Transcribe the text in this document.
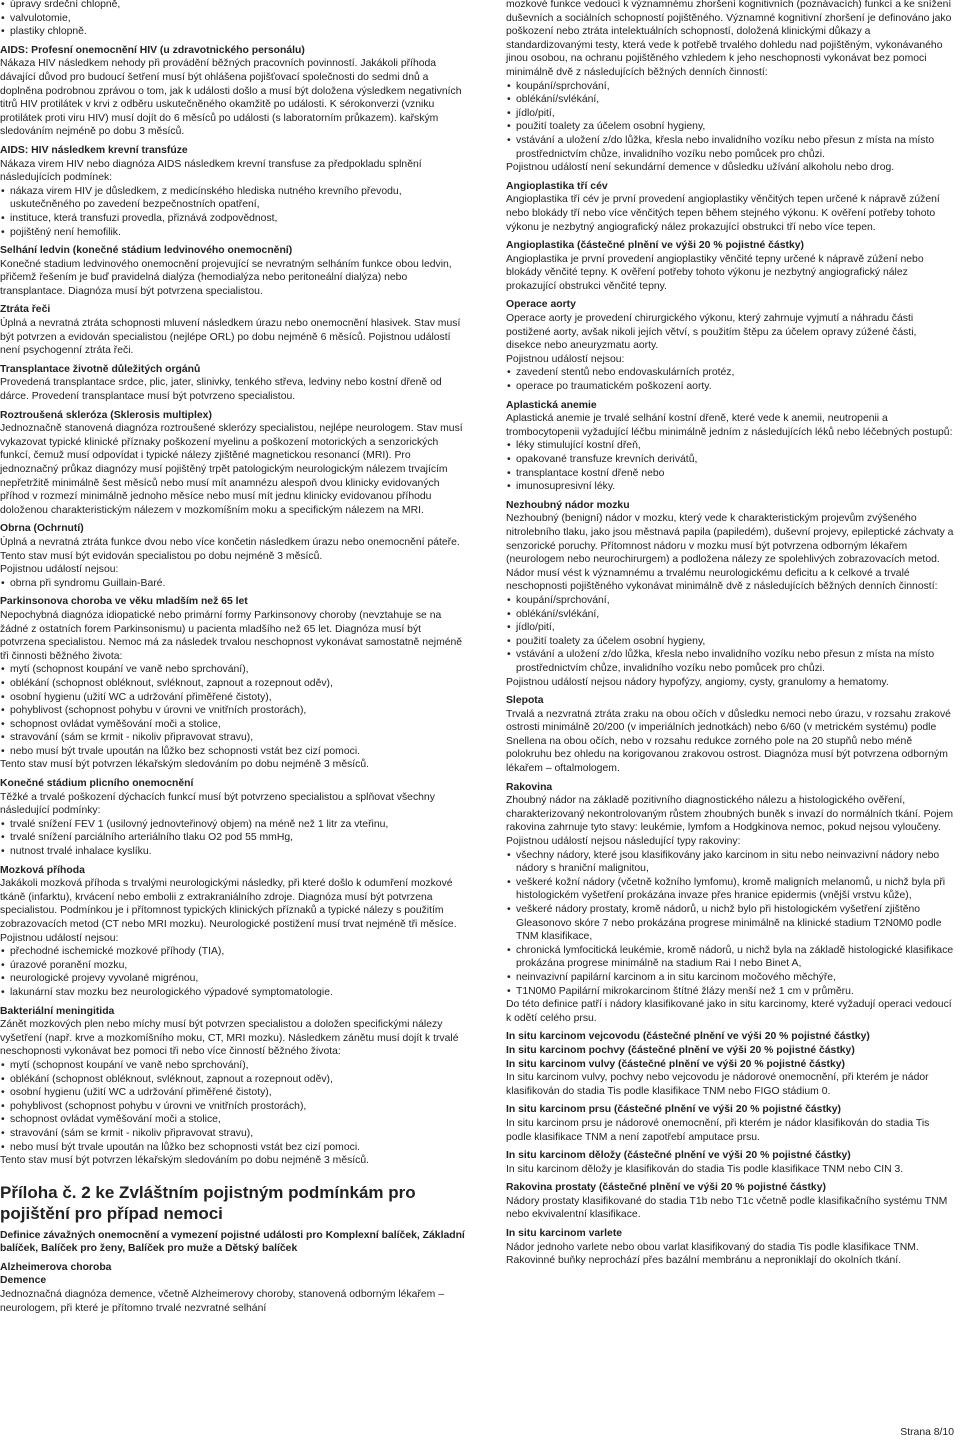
• úpravy srdeční chlopně,
• valvulotomie,
• plastiky chlopně.
AIDS: Profesní onemocnění HIV (u zdravotnického personálu)

Nákaza HIV následkem nehody při provádění běžných pracovních povinností. Jakákoli příhoda dávající důvod pro budoucí šetření musí být ohlášena pojišťovací společnosti do sedmi dnů a doplněna podrobnou zprávou o tom, jak k události došlo a musí být doložena výsledkem negativních titrů HIV protilátek v krvi z odběru uskutečněného okamžitě po události. K sérokonverzi (vzniku protilátek proti viru HIV) musí dojít do 6 měsíců po události (s laboratorním průkazem). kařským sledováním nejméně po dobu 3 měsíců.

AIDS: HIV následkem krevní transfúze

Nákaza virem HIV nebo diagnóza AIDS následkem krevní transfuse za předpokladu splnění následujících podmínek:

• nákaza virem HIV je důsledkem, z medicínského hlediska nutného krevního převodu, uskutečněného po zavedení bezpečnostních opatření,
• instituce, která transfuzi provedla, přiznává zodpovědnost,
• pojištěný není hemofilik.
Selhání ledvin (konečné stádium ledvinového onemocnění)

Konečné stadium ledvinového onemocnění projevující se nevratným selháním funkce obou ledvin, přičemž řešením je buď pravidelná dialýza (hemodialýza nebo peritoneální dialýza) nebo transplantace. Diagnóza musí být potvrzena specialistou.

Ztráta řeči

Úplná a nevratná ztráta schopnosti mluvení následkem úrazu nebo onemocnění hlasivek. Stav musí být potvrzen a evidován specialistou (nejlépe ORL) po dobu nejméně 6 měsíců. Pojistnou událostí není psychogenní ztráta řeči.

Transplantace životně důležitých orgánů

Provedená transplantace srdce, plic, jater, slinivky, tenkého střeva, ledviny nebo kostní dřeně od dárce. Provedení transplantace musí být potvrzeno specialistou.

Roztroušená skleróza (Sklerosis multiplex)

Jednoznačně stanovená diagnóza roztroušené sklerózy specialistou, nejlépe neurologem. Stav musí vykazovat typické klinické příznaky poškození myelinu a poškození motorických a senzorických funkcí, čemuž musí odpovídat i typické nálezy zjištěné magnetickou resonancí (MRI). Pro jednoznačný průkaz diagnózy musí pojištěný trpět patologickým neurologickým nálezem trvajícím nepřetržitě minimálně šest měsíců nebo musí mít anamnézu alespoň dvou klinicky evidovaných příhod v rozmezí minimálně jednoho měsíce nebo musí mít jednu klinicky evidovanou příhodu doloženou charakteristickým nálezem v mozkomíšním moku a specifickým nálezem na MRI.

Obrna (Ochrnutí)

Úplná a nevratná ztráta funkce dvou nebo více končetin následkem úrazu nebo onemocnění páteře. Tento stav musí být evidován specialistou po dobu nejméně 3 měsíců.

Pojistnou událostí nejsou:

• obrna při syndromu Guillain-Baré.
Parkinsonova choroba ve věku mladším než 65 let

Nepochybná diagnóza idiopatické nebo primární formy Parkinsonovy choroby (nevztahuje se na žádné z ostatních forem Parkinsonismu) u pacienta mladšího než 65 let. Diagnóza musí být potvrzena specialistou. Nemoc má za následek trvalou neschopnost vykonávat samostatně nejméně tři činnosti běžného života:

• mytí (schopnost koupání ve vaně nebo sprchování),
• oblékání (schopnost obléknout, svléknout, zapnout a rozepnout oděv),
• osobní hygienu (užití WC a udržování přiměřené čistoty),
• pohyblivost (schopnost pohybu v úrovni ve vnitřních prostorách),
• schopnost ovládat vyměšování moči a stolice,
• stravování (sám se krmit - nikoliv připravovat stravu),
• nebo musí být trvale upoután na lůžko bez schopnosti vstát bez cizí pomoci.

Tento stav musí být potvrzen lékařským sledováním po dobu nejméně 3 měsíců.

Konečné stádium plicního onemocnění

Těžké a trvalé poškození dýchacích funkcí musí být potvrzeno specialistou a splňovat všechny následující podmínky:

• trvalé snížení FEV 1 (usilovný jednovteřinový objem) na méně než 1 litr za vteřinu,
• trvalé snížení parciálního arteriálního tlaku O2 pod 55 mmHg,
• nutnost trvalé inhalace kyslíku.
Mozková příhoda

Jakákoli mozková příhoda s trvalými neurologickými následky, při které došlo k odumření mozkové tkáně (infarktu), krvácení nebo embolii z extrakraniálního zdroje. Diagnóza musí být potvrzena specialistou. Podmínkou je i přítomnost typických klinických příznaků a typické nálezy s použitím zobrazovacích metod (CT nebo MRI mozku). Neurologické postižení musí trvat nejméně tři měsíce.

Pojistnou událostí nejsou:

• přechodné ischemické mozkové příhody (TIA),
• úrazové poranění mozku,
• neurologické projevy vyvolané migrénou,
• lakunární stav mozku bez neurologického výpadové symptomatologie.
Bakteriální meningitida

Zánět mozkových plen nebo míchy musí být potvrzen specialistou a doložen specifickými nálezy vyšetření (např. krve a mozkomíšního moku, CT, MRI mozku). Následkem zánětu musí dojít k trvalé neschopnosti vykonávat bez pomoci tři nebo více činností běžného života:

• mytí (schopnost koupání ve vaně nebo sprchování),
• oblékání (schopnost obléknout, svléknout, zapnout a rozepnout oděv),
• osobní hygienu (užití WC a udržování přiměřené čistoty),
• pohyblivost (schopnost pohybu v úrovni ve vnitřních prostorách),
• schopnost ovládat vyměšování moči a stolice,
• stravování (sám se krmit - nikoliv připravovat stravu),
• nebo musí být trvale upoután na lůžko bez schopnosti vstát bez cizí pomoci.

Tento stav musí být potvrzen lékařským sledováním po dobu nejméně 3 měsíců.

Příloha č. 2 ke Zvláštním pojistným podmínkám pro pojištění pro případ nemoci

Definice závažných onemocnění a vymezení pojistné události pro Komplexní balíček, Základní balíček, Balíček pro ženy, Balíček pro muže a Dětský balíček

Alzheimerova choroba
Demence

Jednoznačná diagnóza demence, včetně Alzheimerovy choroby, stanovená odborným lékařem – neurologem, při které je přítomno trvalé nezvratné selhání

mozkové funkce vedoucí k významnému zhoršení kognitivních (poznávacích) funkcí a ke snížení duševních a sociálních schopností pojištěného. Významné kognitivní zhoršení je definováno jako poškození nebo ztráta intelektuálních schopností, doložená klinickými důkazy a standardizovanými testy, která vede k potřebě trvalého dohledu nad pojištěným, vykonávaného jinou osobou, na ochranu pojištěného vzhledem k jeho neschopnosti vykonávat bez pomoci minimálně dvě z následujících běžných denních činností:

• koupání/sprchování,
• oblékání/svlékání,
• jídlo/pití,
• použití toalety za účelem osobní hygieny,
• vstávání a uložení z/do lůžka, křesla nebo invalidního vozíku nebo přesun z místa na místo prostřednictvím chůze, invalidního vozíku nebo pomůcek pro chůzi.

Pojistnou událostí není sekundární demence v důsledku užívání alkoholu nebo drog.

Angioplastika tří cév

Angioplastika tří cév je první provedení angioplastiky věnčitých tepen určené k nápravě zúžení nebo blokády tří nebo více věnčitých tepen během stejného výkonu. K ověření potřeby tohoto výkonu je nezbytný angiografický nález prokazující obstrukci tří nebo více tepen.

Angioplastika (částečné plnění ve výši 20 % pojistné částky)

Angioplastika je první provedení angioplastiky věnčité tepny určené k nápravě zúžení nebo blokády věnčité tepny. K ověření potřeby tohoto výkonu je nezbytný angiografický nález prokazující obstrukci věnčité tepny.

Operace aorty

Operace aorty je provedení chirurgického výkonu, který zahrnuje vyjmutí a náhradu části postižené aorty, avšak nikoli jejích větví, s použitím štěpu za účelem opravy zúžené části, disekce nebo aneuryzmatu aorty.

Pojistnou událostí nejsou:

• zavedení stentů nebo endovaskulárních protéz,
• operace po traumatickém poškození aorty.
Aplastická anemie

Aplastická anemie je trvalé selhání kostní dřeně, které vede k anemii, neutropenii a trombocytopenii vyžadující léčbu minimálně jedním z následujících léků nebo léčebných postupů:

• léky stimulující kostní dřeň,
• opakované transfuze krevních derivátů,
• transplantace kostní dřeně nebo
• imunosupresivní léky.
Nezhoubný nádor mozku

Nezhoubný (benigní) nádor v mozku, který vede k charakteristickým projevům zvýšeného nitrolebního tlaku, jako jsou městnavá papila (papiledém), duševní projevy, epileptické záchvaty a senzorické poruchy. Přítomnost nádoru v mozku musí být potvrzena odborným lékařem (neurologem nebo neurochirurgem) a podložena nálezy ze spolehlivých zobrazovacích metod. Nádor musí vést k významnému a trvalému neurologickému deficitu a k celkové a trvalé neschopnosti pojištěného vykonávat minimálně dvě z následujících běžných denních činností:

• koupání/sprchování,
• oblékání/svlékání,
• jídlo/pití,
• použití toalety za účelem osobní hygieny,
• vstávání a uložení z/do lůžka, křesla nebo invalidního vozíku nebo přesun z místa na místo prostřednictvím chůze, invalidního vozíku nebo pomůcek pro chůzi.

Pojistnou událostí nejsou nádory hypofýzy, angiomy, cysty, granulomy a hematomy.

Slepota

Trvalá a nezvratná ztráta zraku na obou očích v důsledku nemoci nebo úrazu, v rozsahu zrakové ostrosti minimálně 20/200 (v imperiálních jednotkách) nebo 6/60 (v metrickém systému) podle Snellena na obou očích, nebo v rozsahu redukce zorného pole na 20 stupňů nebo méně polokruhu bez ohledu na korigovanou zrakovou ostrost. Diagnóza musí být potvrzena odborným lékařem – oftalmologem.

Rakovina

Zhoubný nádor na základě pozitivního diagnostického nálezu a histologického ověření, charakterizovaný nekontrolovaným růstem zhoubných buněk s invazí do normálních tkání. Pojem rakovina zahrnuje tyto stavy: leukémie, lymfom a Hodgkinova nemoc, pokud nejsou vyloučeny.

Pojistnou událostí nejsou následující typy rakoviny:

• všechny nádory, které jsou klasifikovány jako karcinom in situ nebo neinvazivní nádory nebo nádory s hraniční malignitou,
• veškeré kožní nádory (včetně kožního lymfomu), kromě maligních melanomů, u nichž byla při histologickém vyšetření prokázána invaze přes hranice epidermis (vnější vrstvu kůže),
• veškeré nádory prostaty, kromě nádorů, u nichž bylo při histologickém vyšetření zjištěno Gleasonovo skóre 7 nebo prokázána progrese minimálně na klinické stadium T2N0M0 podle TNM klasifikace,
• chronická lymfocitická leukémie, kromě nádorů, u nichž byla na základě histologické klasifikace prokázána progrese minimálně na stadium Rai I nebo Binet A,
• neinvazivní papilární karcinom a in situ karcinom močového měchýře,
• T1N0M0 Papilární mikrokarcinom štítné žlázy menší než 1 cm v průměru.

Do této definice patří i nádory klasifikované jako in situ karcinomy, které vyžadují operaci vedoucí k odětí celého prsu.

In situ karcinom vejcovodu (částečné plnění ve výši 20 % pojistné částky)
In situ karcinom pochvy (částečné plnění ve výši 20 % pojistné částky)
In situ karcinom vulvy (částečné plnění ve výši 20 % pojistné částky)

In situ karcinom vulvy, pochvy nebo vejcovodu je nádorové onemocnění, při kterém je nádor klasifikován do stadia Tis podle klasifikace TNM nebo FIGO stádium 0.

In situ karcinom prsu (částečné plnění ve výši 20 % pojistné částky)

In situ karcinom prsu je nádorové onemocnění, při kterém je nádor klasifikován do stadia Tis podle klasifikace TNM a není zapotřebí amputace prsu.

In situ karcinom děložy (částečné plnění ve výši 20 % pojistné částky)

In situ karcinom děložy je klasifikován do stadia Tis podle klasifikace TNM nebo CIN 3.

Rakovina prostaty (částečné plnění ve výši 20 % pojistné částky)

Nádory prostaty klasifikované do stadia T1b nebo T1c včetně podle klasifikačního systému TNM nebo ekvivalentní klasifikace.

In situ karcinom varlete

Nádor jednoho varlete nebo obou varlat klasifikovaný do stadia Tis podle klasifikace TNM. Rakovinné buňky neprochází přes bazální membránu a neproniklají do okolních tkání.

Strana 8/10
